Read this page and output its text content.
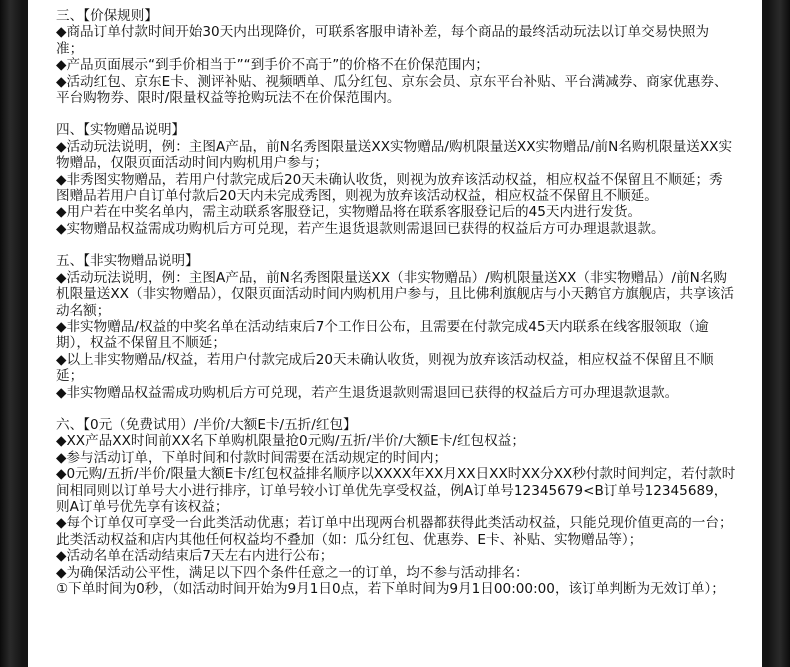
三、【价保规则】

◆商品订单付款时间开始30天内出现降价，可联系客服申请补差，每个商品的最终活动玩法以订单交易快照为准；

◆产品页面展示“到手价相当于”“到手价不高于”的价格不在价保范围内；

◆活动红包、京东E卡、测评补贴、视频晒单、瓜分红包、京东会员、京东平台补贴、平台满减券、商家优惠券、平台购物券、限时/限量权益等抢购玩法不在价保范围内。

四、【实物赠品说明】

◆活动玩法说明，例：主图A产品，前N名秀图限量送XX实物赠品/购机限量送XX实物赠品/前N名购机限量送XX实物赠品，仅限页面活动时间内购机用户参与；

◆非秀图实物赠品，若用户付款完成后20天未确认收货，则视为放弃该活动权益，相应权益不保留且不顺延；秀图赠品若用户自订单付款后20天内未完成秀图，则视为放弃该活动权益，相应权益不保留且不顺延。

◆用户若在中奖名单内，需主动联系客服登记，实物赠品将在联系客服登记后的45天内进行发货。

◆实物赠品权益需成功购机后方可兑现，若产生退货退款则需退回已获得的权益后方可办理退款退款。

五、【非实物赠品说明】

◆活动玩法说明，例：主图A产品，前N名秀图限量送XX（非实物赠品）/购机限量送XX（非实物赠品）/前N名购机限量送XX（非实物赠品），仅限页面活动时间内购机用户参与，且比佛利旗舰店与小天鹅官方旗舰店，共享该活动名额；

◆非实物赠品/权益的中奖名单在活动结束后7个工作日公布，且需要在付款完成45天内联系在线客服领取（逾期），权益不保留且不顺延；

◆以上非实物赠品/权益，若用户付款完成后20天未确认收货，则视为放弃该活动权益，相应权益不保留且不顺延；

◆非实物赠品权益需成功购机后方可兑现，若产生退货退款则需退回已获得的权益后方可办理退款退款。

六、【0元（免费试用）/半价/大额E卡/五折/红包】

◆XX产品XX时间前XX名下单购机限量抢0元购/五折/半价/大额E卡/红包权益；

◆参与活动订单，下单时间和付款时间需要在活动规定的时间内；

◆0元购/五折/半价/限量大额E卡/红包权益排名顺序以XXXX年XX月XX日XX时XX分XX秒付款时间判定，若付款时间相同则以订单号大小进行排序，订单号较小订单优先享受权益，例A订单号12345679<B订单号12345689，则A订单号优先享有该权益；

◆每个订单仅可享受一台此类活动优惠；若订单中出现两台机器都获得此类活动权益，只能兑现价值更高的一台；此类活动权益和店内其他任何权益均不叠加（如：瓜分红包、优惠券、E卡、补贴、实物赠品等）；

◆活动名单在活动结束后7天左右内进行公布；

◆为确保活动公平性，满足以下四个条件任意之一的订单，均不参与活动排名：

①下单时间为0秒，（如活动时间开始为9月1日0点，若下单时间为9月1日00:00:00，该订单判断为无效订单）；
